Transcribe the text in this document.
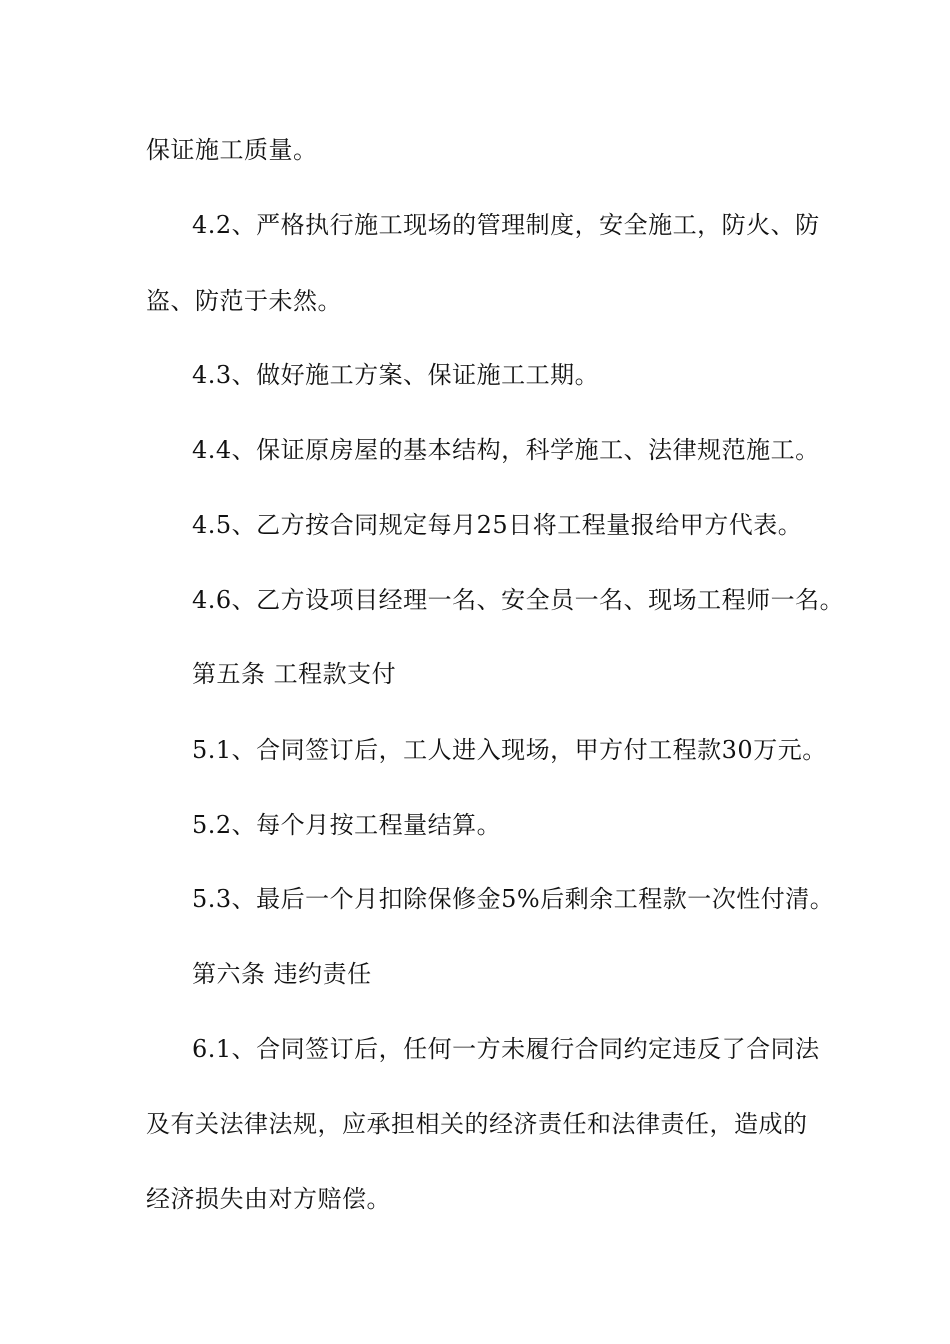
保证施工质量。
4.2、严格执行施工现场的管理制度，安全施工，防火、防
盗、防范于未然。
4.3、做好施工方案、保证施工工期。
4.4、保证原房屋的基本结构，科学施工、法律规范施工。
4.5、乙方按合同规定每月25日将工程量报给甲方代表。
4.6、乙方设项目经理一名、安全员一名、现场工程师一名。
第五条 工程款支付
5.1、合同签订后，工人进入现场，甲方付工程款30万元。
5.2、每个月按工程量结算。
5.3、最后一个月扣除保修金5%后剩余工程款一次性付清。
第六条 违约责任
6.1、合同签订后，任何一方未履行合同约定违反了合同法
及有关法律法规，应承担相关的经济责任和法律责任，造成的
经济损失由对方赔偿。
